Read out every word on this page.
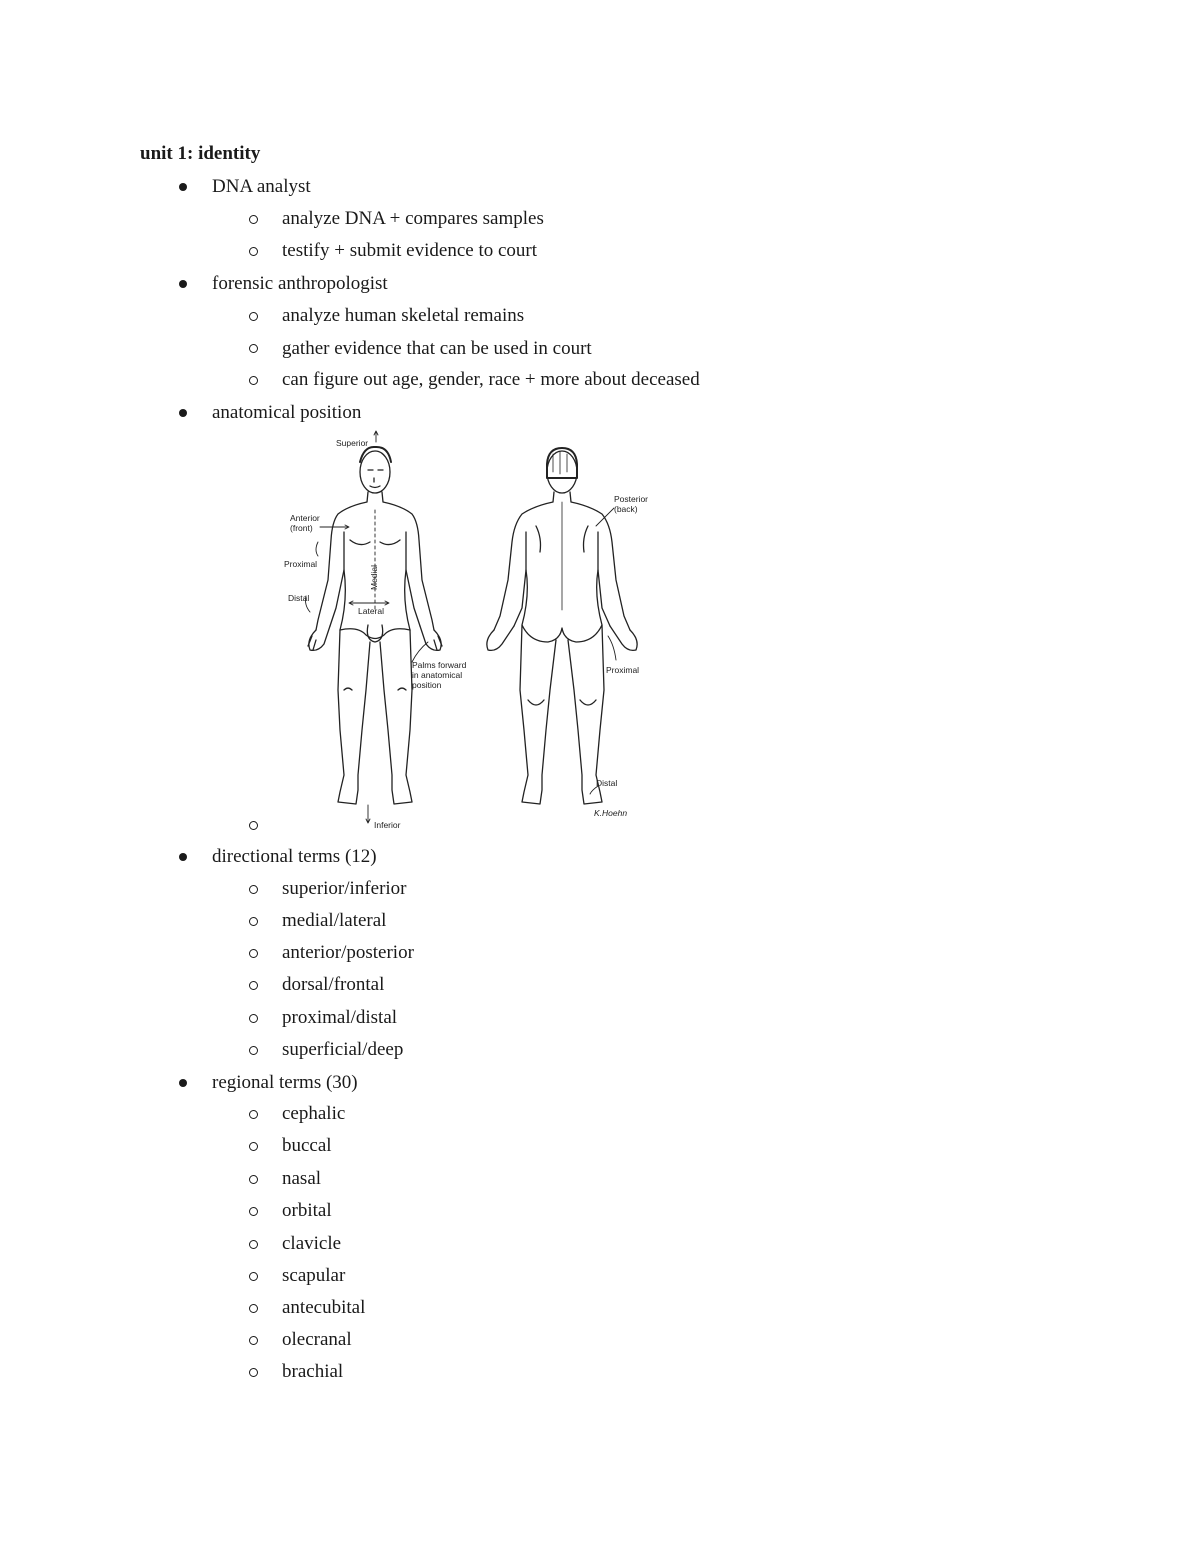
unit 1: identity
DNA analyst
analyze DNA + compares samples
testify + submit evidence to court
forensic anthropologist
analyze human skeletal remains
gather evidence that can be used in court
can figure out age, gender, race + more about deceased
anatomical position
Superior
Anterior
(front)
Proximal
Distal
Medial
Lateral
Palms forward
in anatomical
position
Inferior
Posterior
(back)
Proximal
Distal
K.Hoehn
directional terms (12)
superior/inferior
medial/lateral
anterior/posterior
dorsal/frontal
proximal/distal
superficial/deep
regional terms (30)
cephalic
buccal
nasal
orbital
clavicle
scapular
antecubital
olecranal
brachial
